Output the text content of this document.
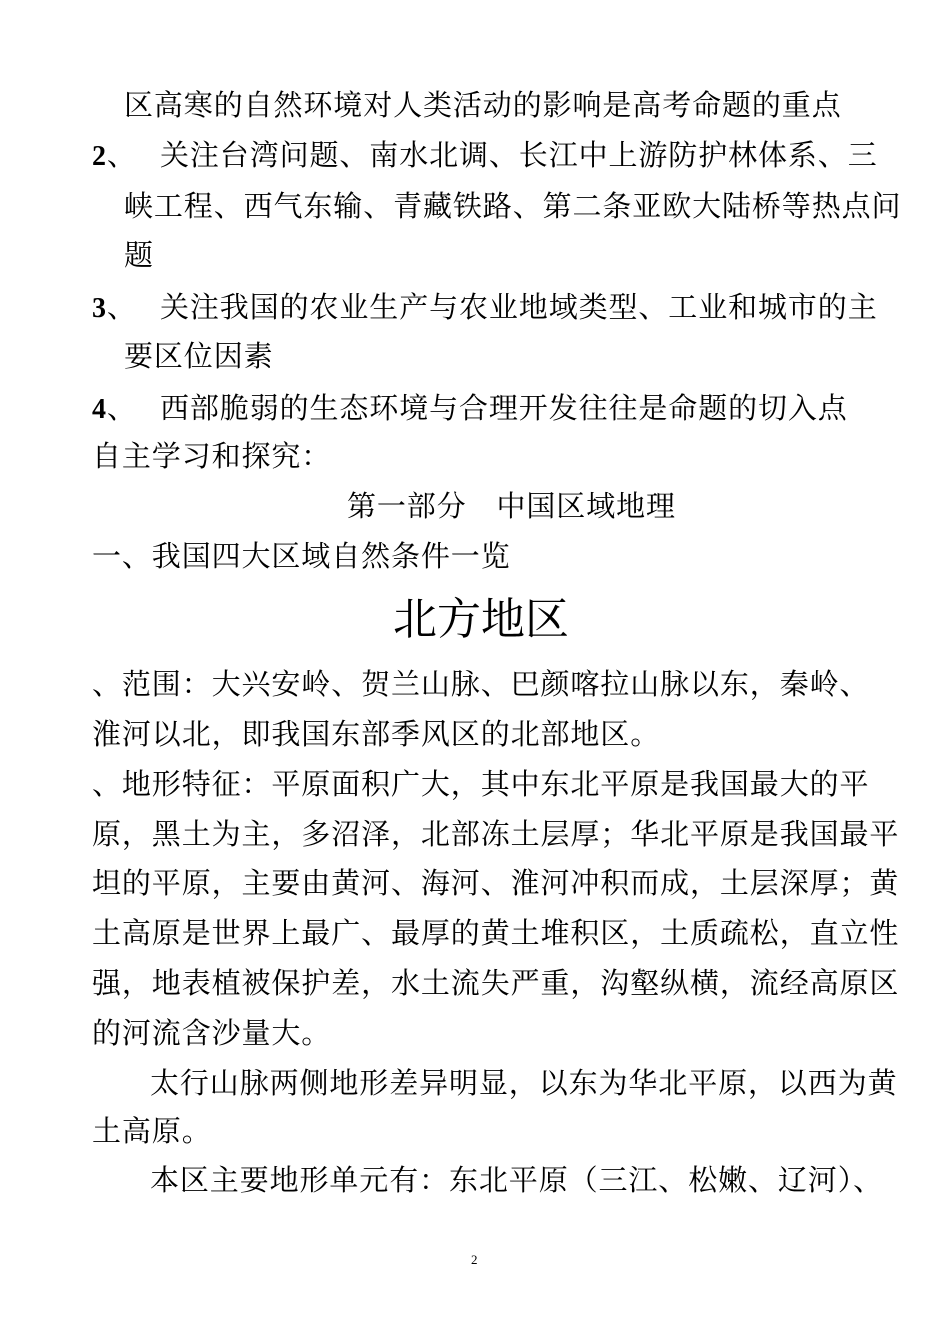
区高寒的自然环境对人类活动的影响是高考命题的重点
2、 关注台湾问题、南水北调、长江中上游防护林体系、三
峡工程、西气东输、青藏铁路、第二条亚欧大陆桥等热点问
题
3、 关注我国的农业生产与农业地域类型、工业和城市的主
要区位因素
4、 西部脆弱的生态环境与合理开发往往是命题的切入点
自主学习和探究：
第一部分　中国区域地理
一、我国四大区域自然条件一览
北方地区
、范围：大兴安岭、贺兰山脉、巴颜喀拉山脉以东，秦岭、
淮河以北，即我国东部季风区的北部地区。
、地形特征：平原面积广大，其中东北平原是我国最大的平
原，黑土为主，多沼泽，北部冻土层厚；华北平原是我国最平
坦的平原，主要由黄河、海河、淮河冲积而成，土层深厚；黄
土高原是世界上最广、最厚的黄土堆积区，土质疏松，直立性
强，地表植被保护差，水土流失严重，沟壑纵横，流经高原区
的河流含沙量大。
太行山脉两侧地形差异明显，以东为华北平原，以西为黄
土高原。
本区主要地形单元有：东北平原（三江、松嫩、辽河）、
2
